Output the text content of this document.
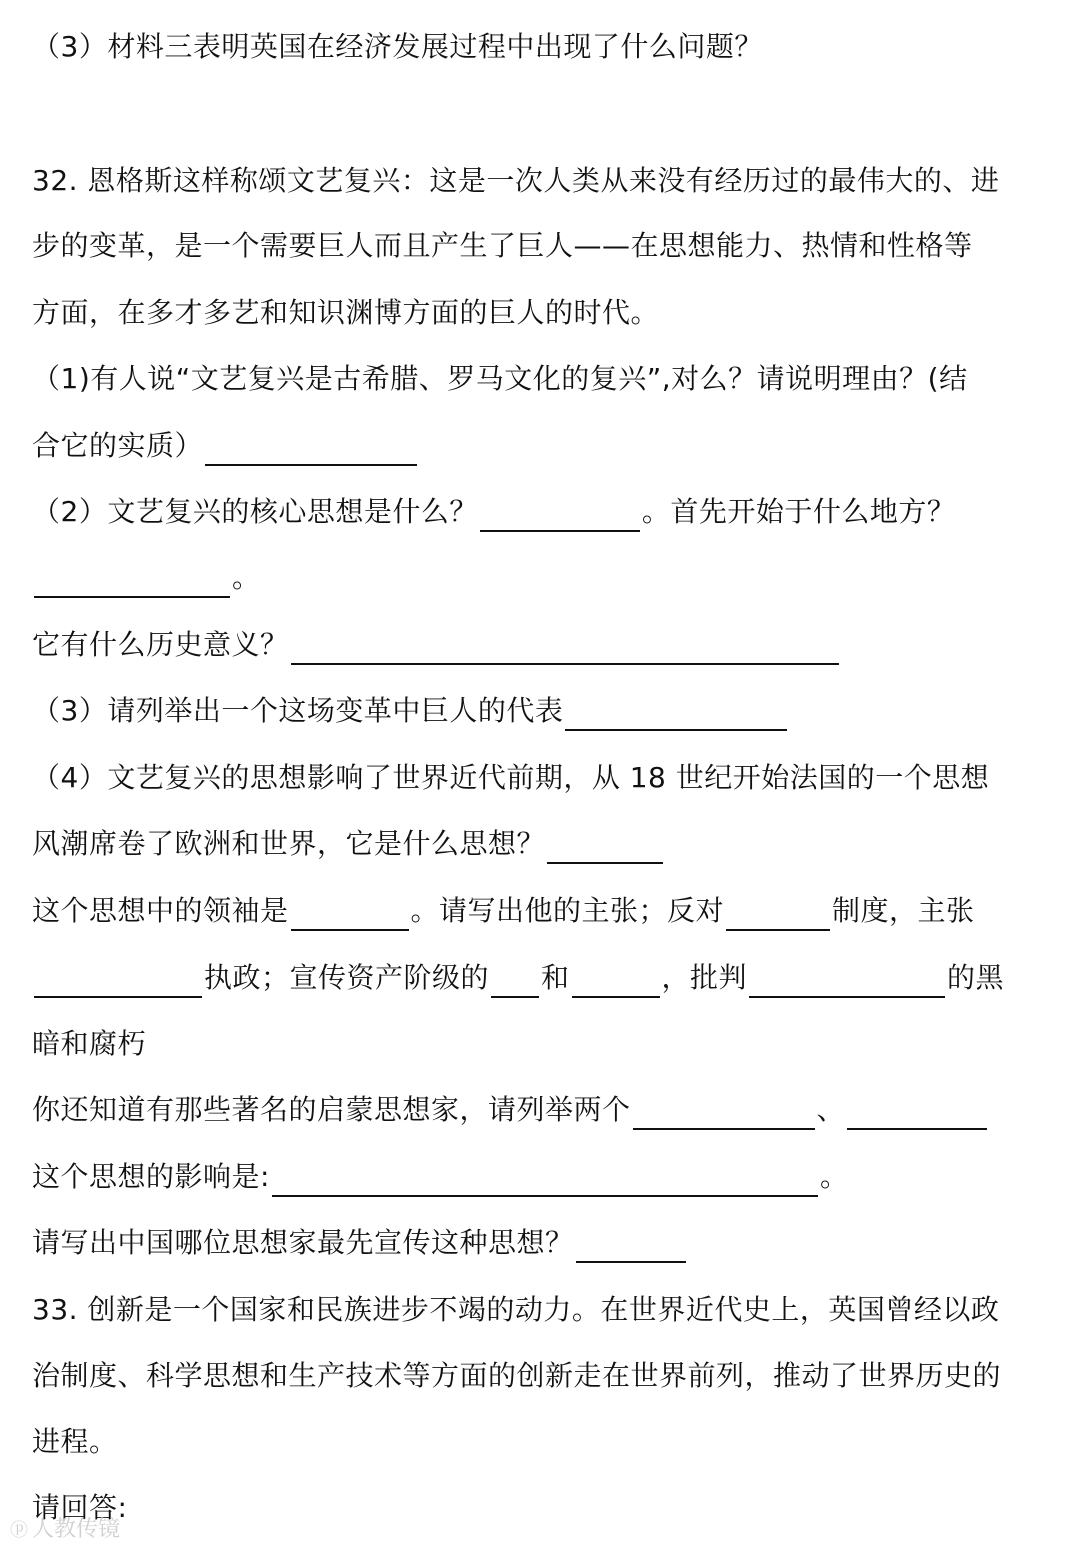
（3）材料三表明英国在经济发展过程中出现了什么问题？
32. 恩格斯这样称颂文艺复兴：这是一次人类从来没有经历过的最伟大的、进
步的变革，是一个需要巨人而且产生了巨人——在思想能力、热情和性格等
方面，在多才多艺和知识渊博方面的巨人的时代。
（1)有人说“文艺复兴是古希腊、罗马文化的复兴”,对么？请说明理由？(结
合它的实质）
（2）文艺复兴的核心思想是什么？	。首先开始于什么地方？
。
它有什么历史意义？
（3）请列举出一个这场变革中巨人的代表
（4）文艺复兴的思想影响了世界近代前期，从 18 世纪开始法国的一个思想
风潮席卷了欧洲和世界，它是什么思想？
这个思想中的领袖是	。请写出他的主张；反对	制度，主张
执政；宣传资产阶级的 和	，批判	的黑
暗和腐朽
你还知道有那些著名的启蒙思想家，请列举两个	、
这个思想的影响是:	。
请写出中国哪位思想家最先宣传这种思想？
33. 创新是一个国家和民族进步不竭的动力。在世界近代史上，英国曾经以政
治制度、科学思想和生产技术等方面的创新走在世界前列，推动了世界历史的
进程。
请回答:
ⓟ 人教传镜
